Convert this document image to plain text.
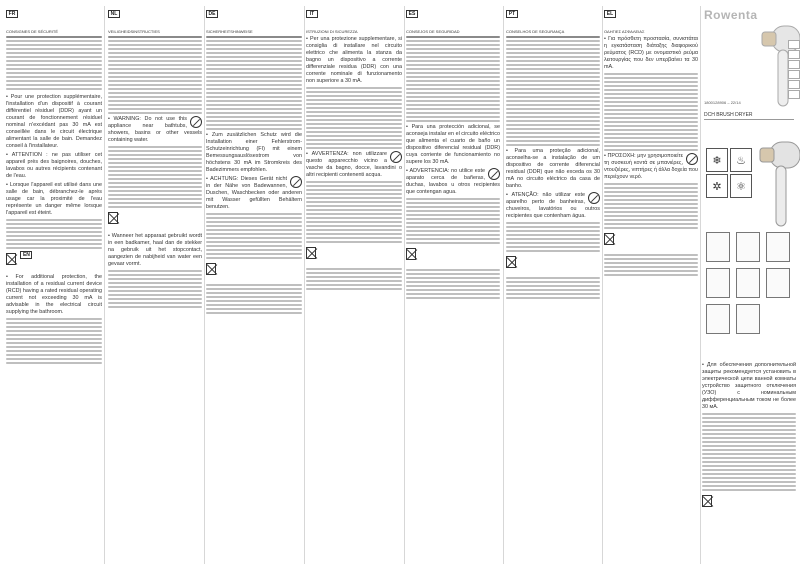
FR
CONSIGNES DE SÉCURITÉ

• Pour une protection supplémentaire, l'installation d'un dispositif à courant différentiel résiduel (DDR) ayant un courant de fonctionnement résiduel nominal n'excédant pas 30 mA est conseillée dans le circuit électrique alimentant la salle de bain. Demandez conseil à l'installateur.

• ATTENTION : ne pas utiliser cet appareil près des baignoires, douches, lavabos ou autres récipients contenant de l'eau.

• Lorsque l'appareil est utilisé dans une salle de bain, débranchez-le après usage car la proximité de l'eau représente un danger même lorsque l'appareil est éteint.

EN

• For additional protection, the installation of a residual current device (RCD) having a rated residual operating current not exceeding 30 mA is advisable in the electrical circuit supplying the bathroom.

NL
VEILIGHEIDSINSTRUCTIES

• WARNING: Do not use this appliance near bathtubs, showers, basins or other vessels containing water.

• Wanneer het apparaat gebruikt wordt in een badkamer, haal dan de stekker na gebruik uit het stopcontact, aangezien de nabijheid van water een gevaar vormt.

DE
SICHERHEITSHINWEISE

• Zum zusätzlichen Schutz wird die Installation einer Fehlerstrom-Schutzeinrichtung (FI) mit einem Bemessungsauslösestrom von höchstens 30 mA im Stromkreis des Badezimmers empfohlen.

• ACHTUNG: Dieses Gerät nicht in der Nähe von Badewannen, Duschen, Waschbecken oder anderen mit Wasser gefüllten Behältern benutzen.

IT
ISTRUZIONI DI SICUREZZA

• Per una protezione supplementare, si consiglia di installare nel circuito elettrico che alimenta la stanza da bagno un dispositivo a corrente differenziale residua (DDR) con una corrente nominale di funzionamento non superiore a 30 mA.

• AVVERTENZA: non utilizzare questo apparecchio vicino a vasche da bagno, docce, lavandini o altri recipienti contenenti acqua.

ES
CONSEJOS DE SEGURIDAD

• Para una protección adicional, se aconseja instalar en el circuito eléctrico que alimenta el cuarto de baño un dispositivo diferencial residual (DDR) cuya corriente de funcionamiento no supere los 30 mA.

• ADVERTENCIA: no utilice este aparato cerca de bañeras, duchas, lavabos u otros recipientes que contengan agua.

PT
CONSELHOS DE SEGURANÇA

• Para uma proteção adicional, aconselha-se a instalação de um dispositivo de corrente diferencial residual (DDR) que não exceda os 30 mA no circuito eléctrico da casa de banho.

• ATENÇÃO: não utilizar este aparelho perto de banheiras, chuveiros, lavatórios ou outros recipientes que contenham água.

EL
ΟΔΗΓΙΕΣ ΑΣΦΑΛΕΙΑΣ

• Για πρόσθετη προστασία, συνιστάται η εγκατάσταση διάταξης διαφορικού ρεύματος (RCD) με ονομαστικό ρεύμα λειτουργίας που δεν υπερβαίνει τα 30 mA.

• ΠΡΟΣΟΧΗ: μην χρησιμοποιείτε τη συσκευή κοντά σε μπανιέρες, ντουζιέρες, νιπτήρες ή άλλα δοχεία που περιέχουν νερό.

Rowenta
1800128906 – 22/14
DCH BRUSH DRYER
❄	♨
✲	⚛

• Для обеспечения дополнительной защиты рекомендуется установить в электрической цепи ванной комнаты устройство защитного отключения (УЗО) с номинальным дифференциальным током не более 30 мА.
